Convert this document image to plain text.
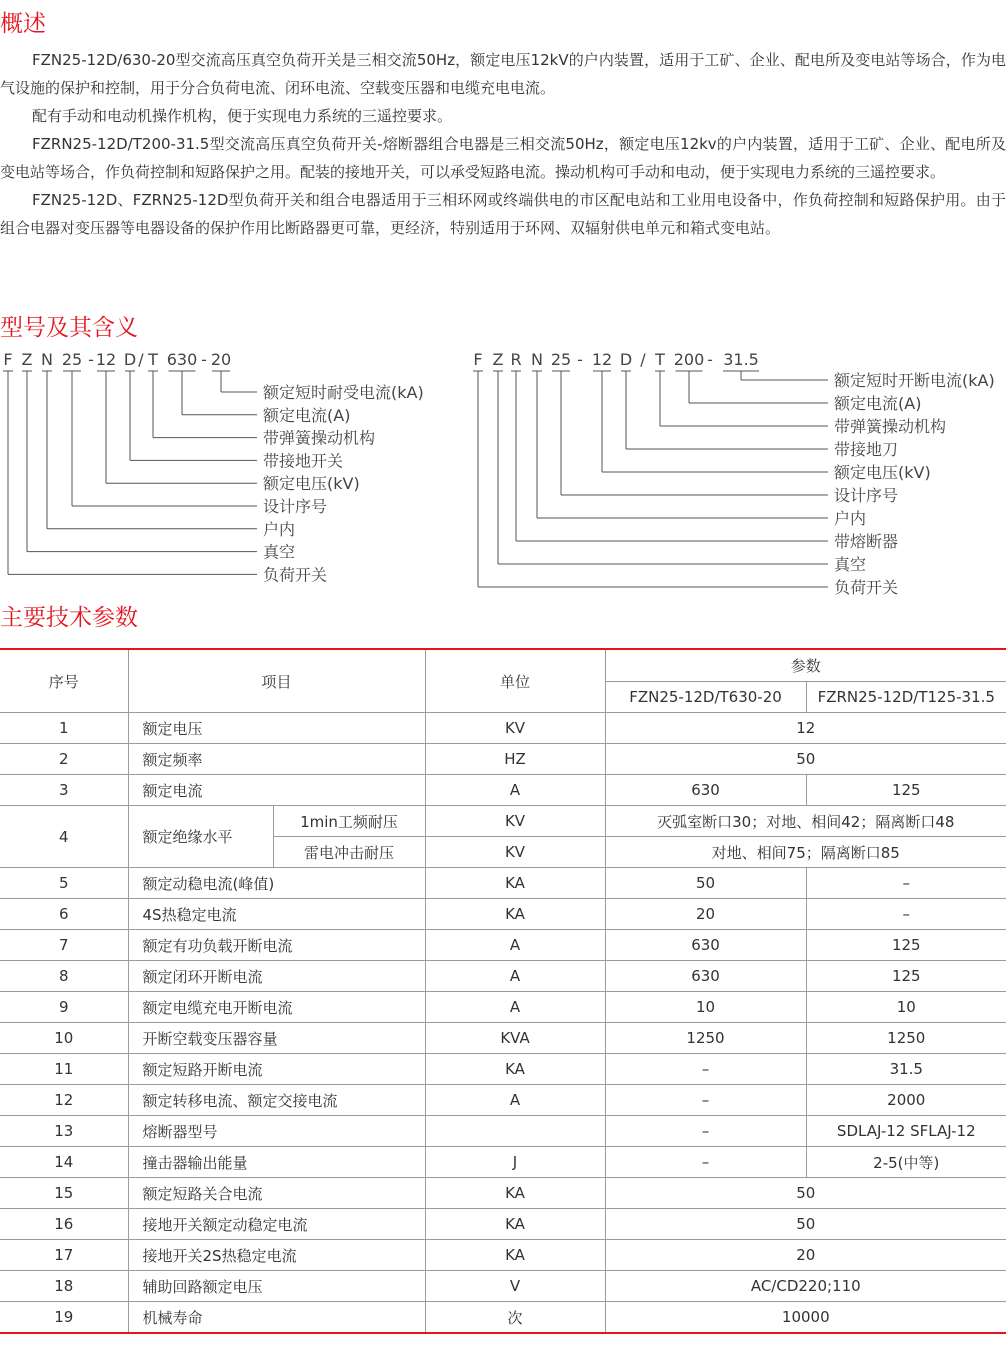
概述

FZN25-12D/630-20型交流高压真空负荷开关是三相交流50Hz，额定电压12kV的户内装置，适用于工矿、企业、配电所及变电站等场合，作为电气设施的保护和控制，用于分合负荷电流、闭环电流、空载变压器和电缆充电电流。

配有手动和电动机操作机构，便于实现电力系统的三遥控要求。

FZRN25-12D/T200-31.5型交流高压真空负荷开关-熔断器组合电器是三相交流50Hz，额定电压12kv的户内装置，适用于工矿、企业、配电所及变电站等场合，作负荷控制和短路保护之用。配装的接地开关，可以承受短路电流。操动机构可手动和电动，便于实现电力系统的三遥控要求。

FZN25-12D、FZRN25-12D型负荷开关和组合电器适用于三相环网或终端供电的市区配电站和工业用电设备中，作负荷控制和短路保护用。由于组合电器对变压器等电器设备的保护作用比断路器更可靠，更经济，特别适用于环网、双辐射供电单元和箱式变电站。

型号及其含义
F Z N 25 - 12 D / T 630 - 20
额定短时耐受电流(kA)
额定电流(A)
带弹簧操动机构
带接地开关
额定电压(kV)
设计序号
户内
真空
负荷开关
F Z R N 25 - 12 D / T 200 - 31.5
额定短时开断电流(kA)
额定电流(A)
带弹簧操动机构
带接地刀
额定电压(kV)
设计序号
户内
带熔断器
真空
负荷开关
主要技术参数
序号	项目		单位	参数	
				FZN25-12D/T630-20	FZRN25-12D/T125-31.5
1	额定电压		KV	12	
2	额定频率		HZ	50	
3	额定电流		A	630	125
4	额定绝缘水平	1min工频耐压	KV	灭弧室断口30；对地、相间42；隔离断口48	
		雷电冲击耐压	KV	对地、相间75；隔离断口85	
5	额定动稳电流(峰值)		KA	50	–
6	4S热稳定电流		KA	20	–
7	额定有功负载开断电流		A	630	125
8	额定闭环开断电流		A	630	125
9	额定电缆充电开断电流		A	10	10
10	开断空载变压器容量		KVA	1250	1250
11	额定短路开断电流		KA	–	31.5
12	额定转移电流、额定交接电流		A	–	2000
13	熔断器型号			–	SDLAJ-12 SFLAJ-12
14	撞击器输出能量		J	–	2-5(中等)
15	额定短路关合电流		KA	50	
16	接地开关额定动稳定电流		KA	50	
17	接地开关2S热稳定电流		KA	20	
18	辅助回路额定电压		V	AC/CD220;110	
19	机械寿命		次	10000	
